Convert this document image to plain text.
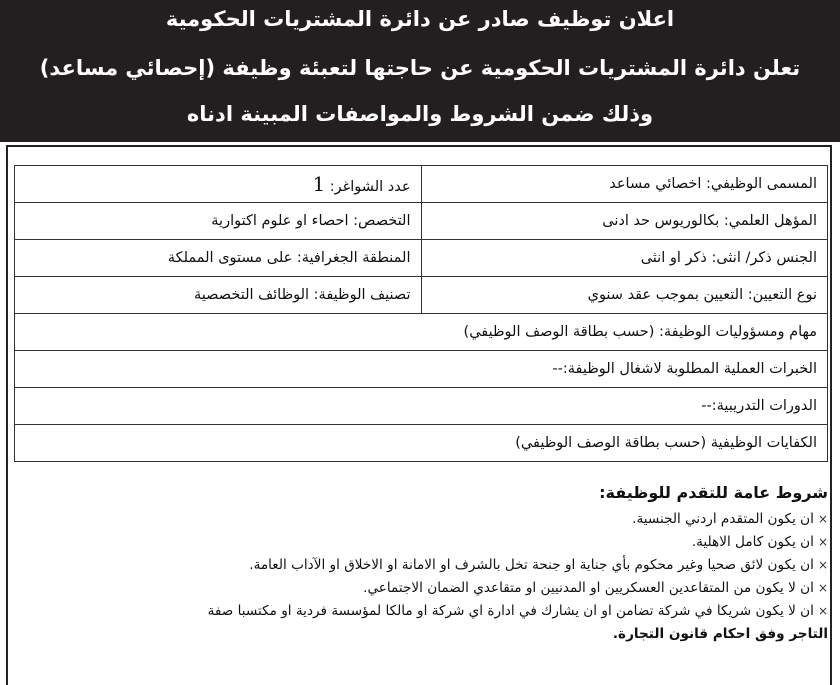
اعلان توظيف صادر عن دائرة المشتريات الحكومية
تعلن دائرة المشتريات الحكومية عن حاجتها لتعبئة وظيفة (إحصائي مساعد)
وذلك ضمن الشروط والمواصفات المبينة ادناه
المسمى الوظيفي: اخصائي مساعد	عدد الشواغر: 1
المؤهل العلمي: بكالوريوس حد ادنى	التخصص: احصاء او علوم اكتوارية
الجنس ذكر/ انثى: ذكر او انثى	المنطقة الجغرافية: على مستوى المملكة
نوع التعيين: التعيين بموجب عقد سنوي	تصنيف الوظيفة: الوظائف التخصصية
مهام ومسؤوليات الوظيفة: (حسب بطاقة الوصف الوظيفي)	
الخبرات العملية المطلوبة لاشغال الوظيفة:--	
الدورات التدريبية:--	
الكفايات الوظيفية (حسب بطاقة الوصف الوظيفي)	
شروط عامة للتقدم للوظيفة:
×ان يكون المتقدم اردني الجنسية.
×ان يكون كامل الاهلية.
×ان يكون لائق صحيا وغير محكوم بأي جناية او جنحة تخل بالشرف او الامانة او الاخلاق او الآداب العامة.
×ان لا يكون من المتقاعدين العسكريين او المدنيين او متقاعدي الضمان الاجتماعي.
×ان لا يكون شريكا في شركة تضامن او ان يشارك في ادارة اي شركة او مالكا لمؤسسة فردية او مكتسبا صفة
التاجر وفق احكام قانون التجارة.
